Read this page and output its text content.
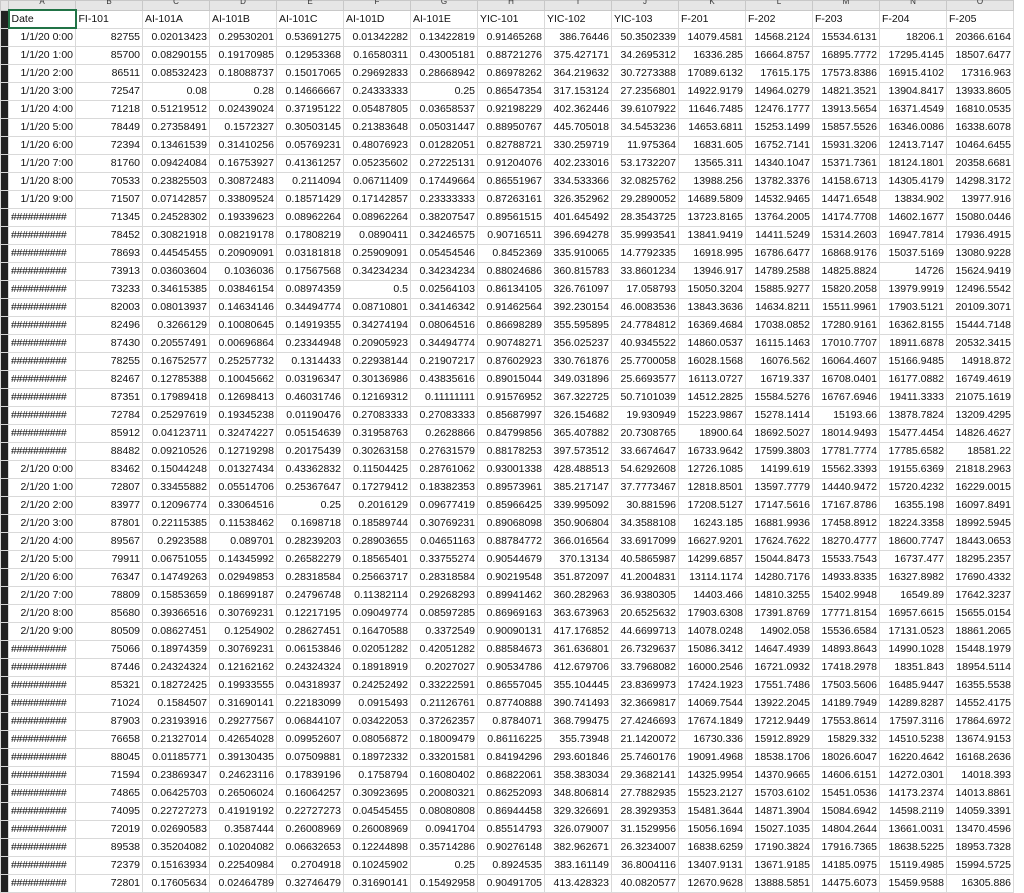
	A	B	C	D	E	F	G	H	I	J	K	L	M	N	O
	Date	FI-101	AI-101A	AI-101B	AI-101C	AI-101D	AI-101E	YIC-101	YIC-102	YIC-103	F-201	F-202	F-203	F-204	F-205
	1/1/20 0:00	82755	0.02013423	0.29530201	0.53691275	0.01342282	0.13422819	0.91465268	386.76446	50.3502339	14079.4581	14568.2124	15534.6131	18206.1	20366.6164
	1/1/20 1:00	85700	0.08290155	0.19170985	0.12953368	0.16580311	0.43005181	0.88721276	375.427171	34.2695312	16336.285	16664.8757	16895.7772	17295.4145	18507.6477
	1/1/20 2:00	86511	0.08532423	0.18088737	0.15017065	0.29692833	0.28668942	0.86978262	364.219632	30.7273388	17089.6132	17615.175	17573.8386	16915.4102	17316.963
	1/1/20 3:00	72547	0.08	0.28	0.14666667	0.24333333	0.25	0.86547354	317.153124	27.2356801	14922.9179	14964.0279	14821.3521	13904.8417	13933.8605
	1/1/20 4:00	71218	0.51219512	0.02439024	0.37195122	0.05487805	0.03658537	0.92198229	402.362446	39.6107922	11646.7485	12476.1777	13913.5654	16371.4549	16810.0535
	1/1/20 5:00	78449	0.27358491	0.1572327	0.30503145	0.21383648	0.05031447	0.88950767	445.705018	34.5453236	14653.6811	15253.1499	15857.5526	16346.0086	16338.6078
	1/1/20 6:00	72394	0.13461539	0.31410256	0.05769231	0.48076923	0.01282051	0.82788721	330.259719	11.975364	16831.605	16752.7141	15931.3206	12413.7147	10464.6455
	1/1/20 7:00	81760	0.09424084	0.16753927	0.41361257	0.05235602	0.27225131	0.91204076	402.233016	53.1732207	13565.311	14340.1047	15371.7361	18124.1801	20358.6681
	1/1/20 8:00	70533	0.23825503	0.30872483	0.2114094	0.06711409	0.17449664	0.86551967	334.533366	32.0825762	13988.256	13782.3376	14158.6713	14305.4179	14298.3172
	1/1/20 9:00	71507	0.07142857	0.33809524	0.18571429	0.17142857	0.23333333	0.87263161	326.352962	29.2890052	14689.5809	14532.9465	14471.6548	13834.902	13977.916
	##########	71345	0.24528302	0.19339623	0.08962264	0.08962264	0.38207547	0.89561515	401.645492	28.3543725	13723.8165	13764.2005	14174.7708	14602.1677	15080.0446
	##########	78452	0.30821918	0.08219178	0.17808219	0.0890411	0.34246575	0.90716511	396.694278	35.9993541	13841.9419	14411.5249	15314.2603	16947.7814	17936.4915
	##########	78693	0.44545455	0.20909091	0.03181818	0.25909091	0.05454546	0.8452369	335.910065	14.7792335	16918.995	16786.6477	16868.9176	15037.5169	13080.9228
	##########	73913	0.03603604	0.1036036	0.17567568	0.34234234	0.34234234	0.88024686	360.815783	33.8601234	13946.917	14789.2588	14825.8824	14726	15624.9419
	##########	73233	0.34615385	0.03846154	0.08974359	0.5	0.02564103	0.86134105	326.761097	17.058793	15050.3204	15885.9277	15820.2058	13979.9919	12496.5542
	##########	82003	0.08013937	0.14634146	0.34494774	0.08710801	0.34146342	0.91462564	392.230154	46.0083536	13843.3636	14634.8211	15511.9961	17903.5121	20109.3071
	##########	82496	0.3266129	0.10080645	0.14919355	0.34274194	0.08064516	0.86698289	355.595895	24.7784812	16369.4684	17038.0852	17280.9161	16362.8155	15444.7148
	##########	87430	0.20557491	0.00696864	0.23344948	0.20905923	0.34494774	0.90748271	356.025237	40.9345522	14860.0537	16115.1463	17010.7707	18911.6878	20532.3415
	##########	78255	0.16752577	0.25257732	0.1314433	0.22938144	0.21907217	0.87602923	330.761876	25.7700058	16028.1568	16076.562	16064.4607	15166.9485	14918.872
	##########	82467	0.12785388	0.10045662	0.03196347	0.30136986	0.43835616	0.89015044	349.031896	25.6693577	16113.0727	16719.337	16708.0401	16177.0882	16749.4619
	##########	87351	0.17989418	0.12698413	0.46031746	0.12169312	0.11111111	0.91576952	367.322725	50.7101039	14512.2825	15584.5276	16767.6946	19411.3333	21075.1619
	##########	72784	0.25297619	0.19345238	0.01190476	0.27083333	0.27083333	0.85687997	326.154682	19.930949	15223.9867	15278.1414	15193.66	13878.7824	13209.4295
	##########	85912	0.04123711	0.32474227	0.05154639	0.31958763	0.2628866	0.84799856	365.407882	20.7308765	18900.64	18692.5027	18014.9493	15477.4454	14826.4627
	##########	88482	0.09210526	0.12719298	0.20175439	0.30263158	0.27631579	0.88178253	397.573512	33.6674647	16733.9642	17599.3803	17781.7774	17785.6582	18581.22
	2/1/20 0:00	83462	0.15044248	0.01327434	0.43362832	0.11504425	0.28761062	0.93001338	428.488513	54.6292608	12726.1085	14199.619	15562.3393	19155.6369	21818.2963
	2/1/20 1:00	72807	0.33455882	0.05514706	0.25367647	0.17279412	0.18382353	0.89573961	385.217147	37.7773467	12818.8501	13597.7779	14440.9472	15720.4232	16229.0015
	2/1/20 2:00	83977	0.12096774	0.33064516	0.25	0.2016129	0.09677419	0.85966425	339.995092	30.881596	17208.5127	17147.5616	17167.8786	16355.198	16097.8491
	2/1/20 3:00	87801	0.22115385	0.11538462	0.1698718	0.18589744	0.30769231	0.89068098	350.906804	34.3588108	16243.185	16881.9936	17458.8912	18224.3358	18992.5945
	2/1/20 4:00	89567	0.2923588	0.089701	0.28239203	0.28903655	0.04651163	0.88784772	366.016564	33.6917099	16627.9201	17624.7622	18270.4777	18600.7747	18443.0653
	2/1/20 5:00	79911	0.06751055	0.14345992	0.26582279	0.18565401	0.33755274	0.90544679	370.13134	40.5865987	14299.6857	15044.8473	15533.7543	16737.477	18295.2357
	2/1/20 6:00	76347	0.14749263	0.02949853	0.28318584	0.25663717	0.28318584	0.90219548	351.872097	41.2004831	13114.1174	14280.7176	14933.8335	16327.8982	17690.4332
	2/1/20 7:00	78809	0.15853659	0.18699187	0.24796748	0.11382114	0.29268293	0.89941462	360.282963	36.9380305	14403.466	14810.3255	15402.9948	16549.89	17642.3237
	2/1/20 8:00	85680	0.39366516	0.30769231	0.12217195	0.09049774	0.08597285	0.86969163	363.673963	20.6525632	17903.6308	17391.8769	17771.8154	16957.6615	15655.0154
	2/1/20 9:00	80509	0.08627451	0.1254902	0.28627451	0.16470588	0.3372549	0.90090131	417.176852	44.6699713	14078.0248	14902.058	15536.6584	17131.0523	18861.2065
	##########	75066	0.18974359	0.30769231	0.06153846	0.02051282	0.42051282	0.88584673	361.636801	26.7329637	15086.3412	14647.4939	14893.8643	14990.1028	15448.1979
	##########	87446	0.24324324	0.12162162	0.24324324	0.18918919	0.2027027	0.90534786	412.679706	33.7968082	16000.2546	16721.0932	17418.2978	18351.843	18954.5114
	##########	85321	0.18272425	0.19933555	0.04318937	0.24252492	0.33222591	0.86557045	355.104445	23.8369973	17424.1923	17551.7486	17503.5606	16485.9447	16355.5538
	##########	71024	0.1584507	0.31690141	0.22183099	0.0915493	0.21126761	0.87740888	390.741493	32.3669817	14069.7544	13922.2045	14189.7949	14289.8287	14552.4175
	##########	87903	0.23193916	0.29277567	0.06844107	0.03422053	0.37262357	0.8784071	368.799475	27.4246693	17674.1849	17212.9449	17553.8614	17597.3116	17864.6972
	##########	76658	0.21327014	0.42654028	0.09952607	0.08056872	0.18009479	0.86116225	355.73948	21.1420072	16730.336	15912.8929	15829.332	14510.5238	13674.9153
	##########	88045	0.01185771	0.39130435	0.07509881	0.18972332	0.33201581	0.84194296	293.601846	25.7460176	19091.4968	18538.1706	18026.6047	16220.4642	16168.2636
	##########	71594	0.23869347	0.24623116	0.17839196	0.1758794	0.16080402	0.86822061	358.383034	29.3682141	14325.9954	14370.9665	14606.6151	14272.0301	14018.393
	##########	74865	0.06425703	0.26506024	0.16064257	0.30923695	0.20080321	0.86252093	348.806814	27.7882935	15523.2127	15703.6102	15451.0536	14173.2374	14013.8861
	##########	74095	0.22727273	0.41919192	0.22727273	0.04545455	0.08080808	0.86944458	329.326691	28.3929353	15481.3644	14871.3904	15084.6942	14598.2119	14059.3391
	##########	72019	0.02690583	0.3587444	0.26008969	0.26008969	0.0941704	0.85514793	326.079007	31.1529956	15056.1694	15027.1035	14804.2644	13661.0031	13470.4596
	##########	89538	0.35204082	0.10204082	0.06632653	0.12244898	0.35714286	0.90276148	382.962671	26.3234007	16838.6259	17190.3824	17916.7365	18638.5225	18953.7328
	##########	72379	0.15163934	0.22540984	0.2704918	0.10245902	0.25	0.8924535	383.161149	36.8004116	13407.9131	13671.9185	14185.0975	15119.4985	15994.5725
	##########	72801	0.17605634	0.02464789	0.32746479	0.31690141	0.15492958	0.90491705	413.428323	40.0820577	12670.9628	13888.5851	14475.6073	15459.9588	16305.886
